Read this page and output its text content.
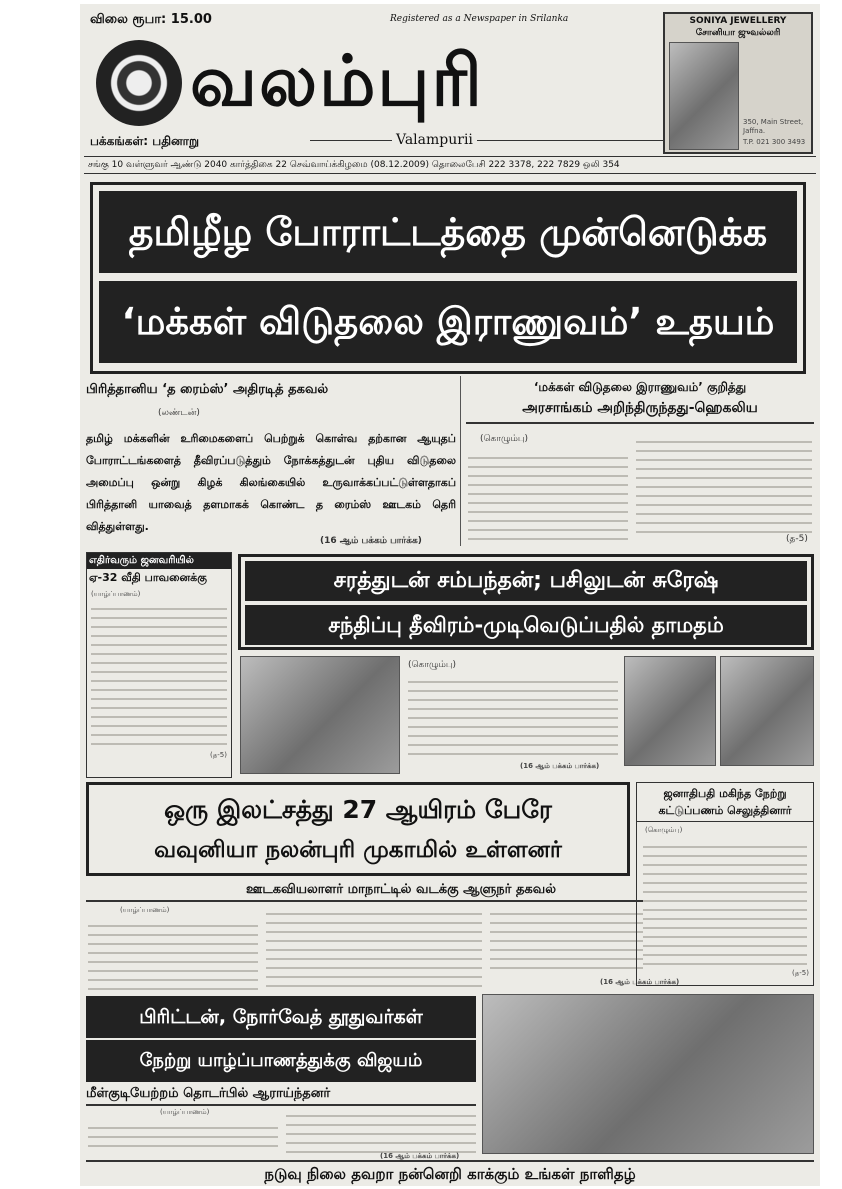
விலை ரூபா: 15.00	Registered as a Newspaper in Srilanka
வலம்புரி
பக்கங்கள்: பதினாறு	Valampurii
SONIYA JEWELLERY
சோனியா ஜுவல்லரி
350, Main Street, Jaffna.
T.P. 021 300 3493
சங்கு 10 வள்ளுவர் ஆண்டு 2040 கார்த்திகை 22 செவ்வாய்க்கிழமை (08.12.2009) தொலைபேசி 222 3378, 222 7829 ஒலி 354
தமிழீழ போராட்டத்தை முன்னெடுக்க
‘மக்கள் விடுதலை இராணுவம்’ உதயம்
பிரித்தானிய ‘த ரைம்ஸ்’ அதிரடித் தகவல்
(லண்டன்)
தமிழ் மக்களின் உரிமைகளைப் பெற்றுக் கொள்வ தற்கான ஆயுதப் போராட்டங்களைத் தீவிரப்படுத்தும் நோக்கத்துடன் புதிய விடுதலை அமைப்பு ஒன்று கிழக் கிலங்கையில் உருவாக்கப்பட்டுள்ளதாகப் பிரித்தானி யாவைத் தளமாகக் கொண்ட த ரைம்ஸ் ஊடகம் தெரி வித்துள்ளது.
(16 ஆம் பக்கம் பார்க்க)
‘மக்கள் விடுதலை இராணுவம்’ குறித்து
அரசாங்கம் அறிந்திருந்தது-ஹெகலிய
(கொழும்பு)
(த-5)
எதிர்வரும் ஜனவரியில்
ஏ-32 வீதி பாவனைக்கு
(யாழ்ப்பாணம்)
(த-5)
சரத்துடன் சம்பந்தன்; பசிலுடன் சுரேஷ்
சந்திப்பு தீவிரம்-முடிவெடுப்பதில் தாமதம்
(கொழும்பு)
(16 ஆம் பக்கம் பார்க்க)
ஒரு இலட்சத்து 27 ஆயிரம் பேரே
வவுனியா நலன்புரி முகாமில் உள்ளனர்
ஊடகவியலாளர் மாநாட்டில் வடக்கு ஆளுநர் தகவல்
(யாழ்ப்பாணம்)
(16 ஆம் பக்கம் பார்க்க)
ஜனாதிபதி மகிந்த நேற்று
கட்டுப்பணம் செலுத்தினார்
(கொழும்பு)
(த-5)
பிரிட்டன், நோர்வேத் தூதுவர்கள்
நேற்று யாழ்ப்பாணத்துக்கு விஜயம்
மீள்குடியேற்றம் தொடர்பில் ஆராய்ந்தனர்
(யாழ்ப்பாணம்)
(16 ஆம் பக்கம் பார்க்க)
நடுவு நிலை தவறா நன்னெறி காக்கும் உங்கள் நாளிதழ்
